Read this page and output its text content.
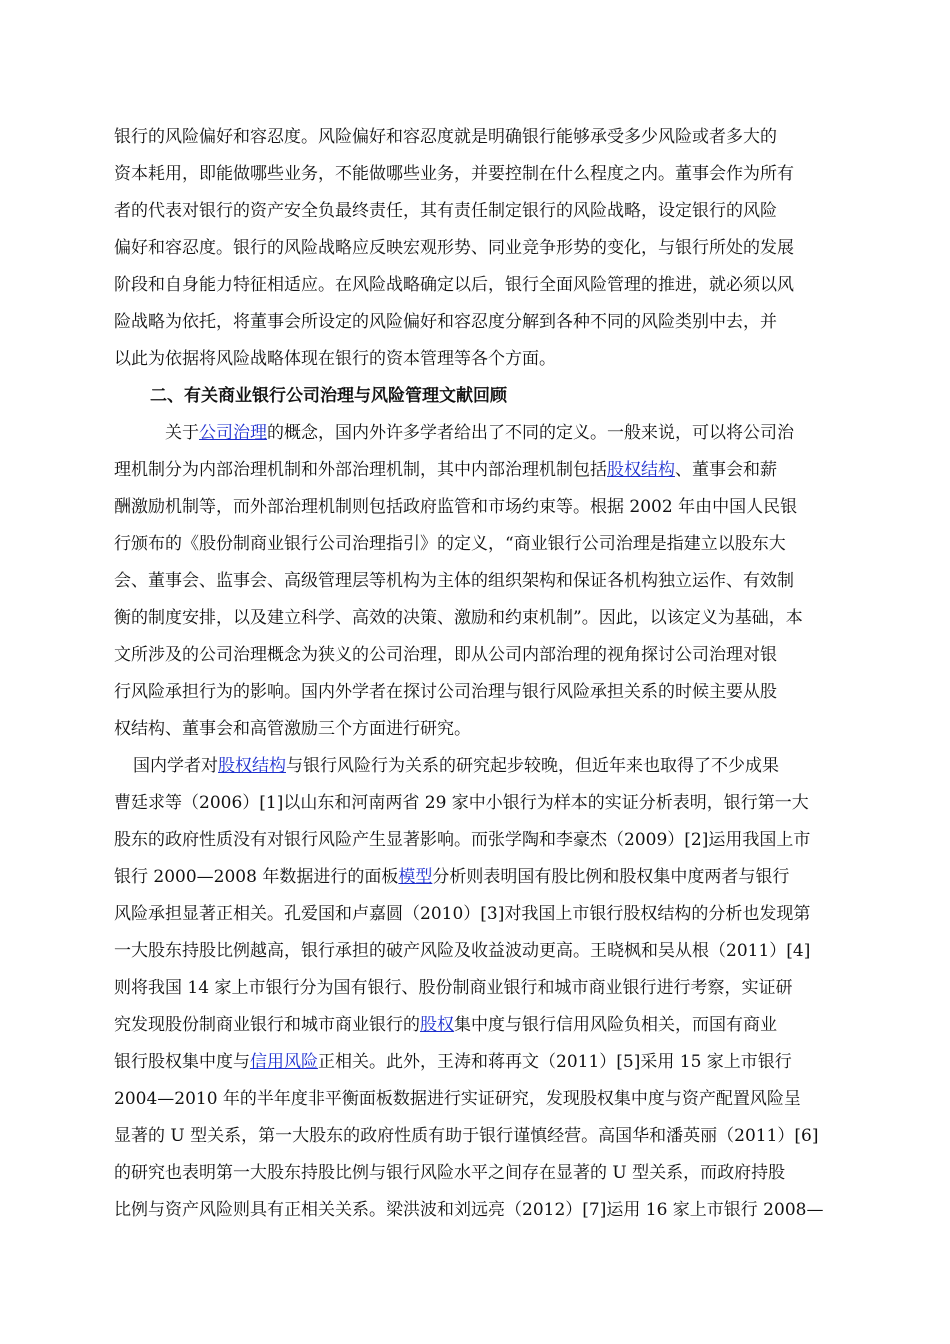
银行的风险偏好和容忍度。风险偏好和容忍度就是明确银行能够承受多少风险或者多大的
资本耗用，即能做哪些业务，不能做哪些业务，并要控制在什么程度之内。董事会作为所有
者的代表对银行的资产安全负最终责任，其有责任制定银行的风险战略，设定银行的风险
偏好和容忍度。银行的风险战略应反映宏观形势、同业竞争形势的变化，与银行所处的发展
阶段和自身能力特征相适应。在风险战略确定以后，银行全面风险管理的推进，就必须以风
险战略为依托，将董事会所设定的风险偏好和容忍度分解到各种不同的风险类别中去，并
以此为依据将风险战略体现在银行的资本管理等各个方面。
二、有关商业银行公司治理与风险管理文献回顾
关于公司治理的概念，国内外许多学者给出了不同的定义。一般来说，可以将公司治
理机制分为内部治理机制和外部治理机制，其中内部治理机制包括股权结构、董事会和薪
酬激励机制等，而外部治理机制则包括政府监管和市场约束等。根据 2002 年由中国人民银
行颁布的《股份制商业银行公司治理指引》的定义，“商业银行公司治理是指建立以股东大
会、董事会、监事会、高级管理层等机构为主体的组织架构和保证各机构独立运作、有效制
衡的制度安排，以及建立科学、高效的决策、激励和约束机制”。因此，以该定义为基础，本
文所涉及的公司治理概念为狭义的公司治理，即从公司内部治理的视角探讨公司治理对银
行风险承担行为的影响。国内外学者在探讨公司治理与银行风险承担关系的时候主要从股
权结构、董事会和高管激励三个方面进行研究。
国内学者对股权结构与银行风险行为关系的研究起步较晚，但近年来也取得了不少成果
曹廷求等（2006）[1]以山东和河南两省 29 家中小银行为样本的实证分析表明，银行第一大
股东的政府性质没有对银行风险产生显著影响。而张学陶和李豪杰（2009）[2]运用我国上市
银行 2000—2008 年数据进行的面板模型分析则表明国有股比例和股权集中度两者与银行
风险承担显著正相关。孔爱国和卢嘉圆（2010）[3]对我国上市银行股权结构的分析也发现第
一大股东持股比例越高，银行承担的破产风险及收益波动更高。王晓枫和吴从根（2011）[4]
则将我国 14 家上市银行分为国有银行、股份制商业银行和城市商业银行进行考察，实证研
究发现股份制商业银行和城市商业银行的股权集中度与银行信用风险负相关，而国有商业
银行股权集中度与信用风险正相关。此外，王涛和蒋再文（2011）[5]采用 15 家上市银行
2004—2010 年的半年度非平衡面板数据进行实证研究，发现股权集中度与资产配置风险呈
显著的 U 型关系，第一大股东的政府性质有助于银行谨慎经营。高国华和潘英丽（2011）[6]
的研究也表明第一大股东持股比例与银行风险水平之间存在显著的 U 型关系，而政府持股
比例与资产风险则具有正相关关系。梁洪波和刘远亮（2012）[7]运用 16 家上市银行 2008—
